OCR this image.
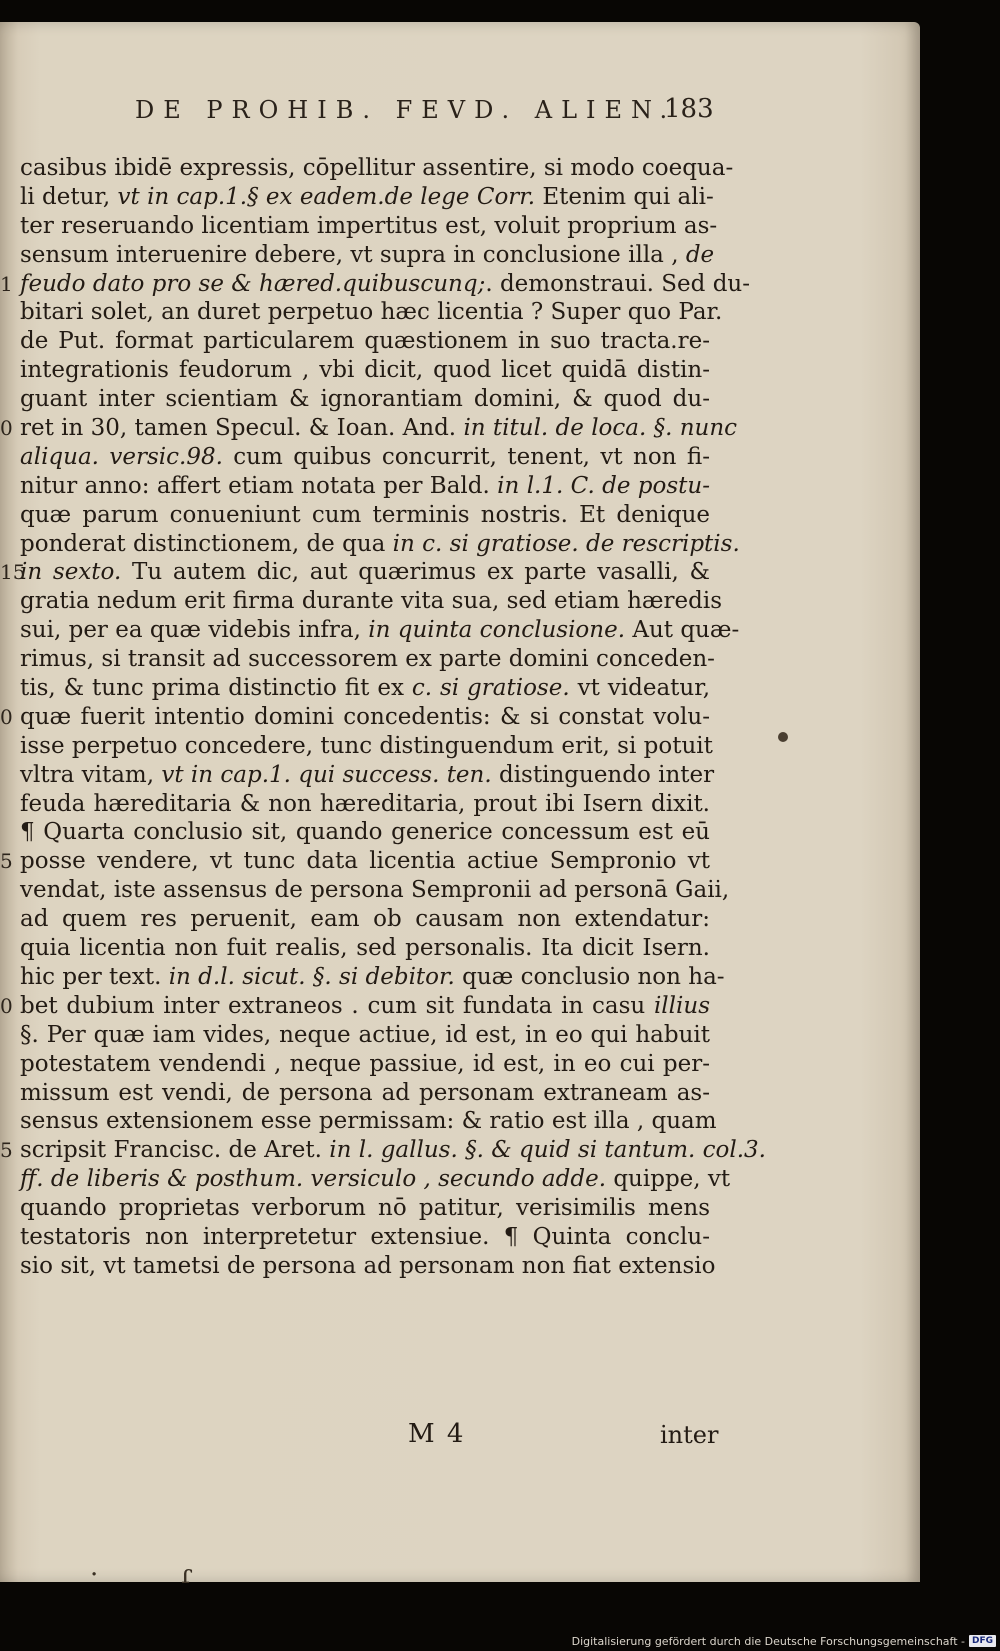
DE PROHIB. FEVD. ALIEN.
183
casibus ibidē expressis, cōpellitur assentire, si modo coequa-
li detur, vt in cap.1.§ ex eadem.de lege Corr. Etenim qui ali-
ter reseruando licentiam impertitus est, voluit proprium as-
sensum interuenire debere, vt supra in conclusione illa , de
1 feudo dato pro se & hæred.quibuscunq;. demonstraui. Sed du-
bitari solet, an duret perpetuo hæc licentia ? Super quo Par.
de Put. format particularem quæstionem in suo tracta.re-
integrationis feudorum , vbi dicit, quod licet quidā distin-
guant inter scientiam & ignorantiam domini, & quod du-
0 ret in 30, tamen Specul. & Ioan. And. in titul. de loca. §. nunc
aliqua. versic.98. cum quibus concurrit, tenent, vt non fi-
nitur anno: affert etiam notata per Bald. in l.1. C. de postu-
quæ parum conueniunt cum terminis nostris. Et denique
ponderat distinctionem, de qua in c. si gratiose. de rescriptis.
15
in sexto. Tu autem dic, aut quærimus ex parte vasalli, &
gratia nedum erit firma durante vita sua, sed etiam hæredis
sui, per ea quæ videbis infra, in quinta conclusione. Aut quæ-
rimus, si transit ad successorem ex parte domini conceden-
tis, & tunc prima distinctio fit ex c. si gratiose. vt videatur,
0 quæ fuerit intentio domini concedentis: & si constat volu-
isse perpetuo concedere, tunc distinguendum erit, si potuit
vltra vitam, vt in cap.1. qui success. ten. distinguendo inter
feuda hæreditaria & non hæreditaria, prout ibi Isern dixit.
¶ Quarta conclusio sit, quando generice concessum est eū
5 posse vendere, vt tunc data licentia actiue Sempronio vt
vendat, iste assensus de persona Sempronii ad personā Gaii,
ad quem res peruenit, eam ob causam non extendatur:
quia licentia non fuit realis, sed personalis. Ita dicit Isern.
hic per text. in d.l. sicut. §. si debitor. quæ conclusio non ha-
0 bet dubium inter extraneos . cum sit fundata in casu illius
§. Per quæ iam vides, neque actiue, id est, in eo qui habuit
potestatem vendendi , neque passiue, id est, in eo cui per-
missum est vendi, de persona ad personam extraneam as-
sensus extensionem esse permissam: & ratio est illa , quam
5 scripsit Francisc. de Aret. in l. gallus. §. & quid si tantum. col.3.
ff. de liberis & posthum. versiculo , secundo adde. quippe, vt
quando proprietas verborum nō patitur, verisimilis mens
testatoris non interpretetur extensiue. ¶ Quinta conclu-
sio sit, vt tametsi de persona ad personam non fiat extensio
M 4	inter
·          ɾ
Digitalisierung gefördert durch die Deutsche Forschungsgemeinschaft - DFG
